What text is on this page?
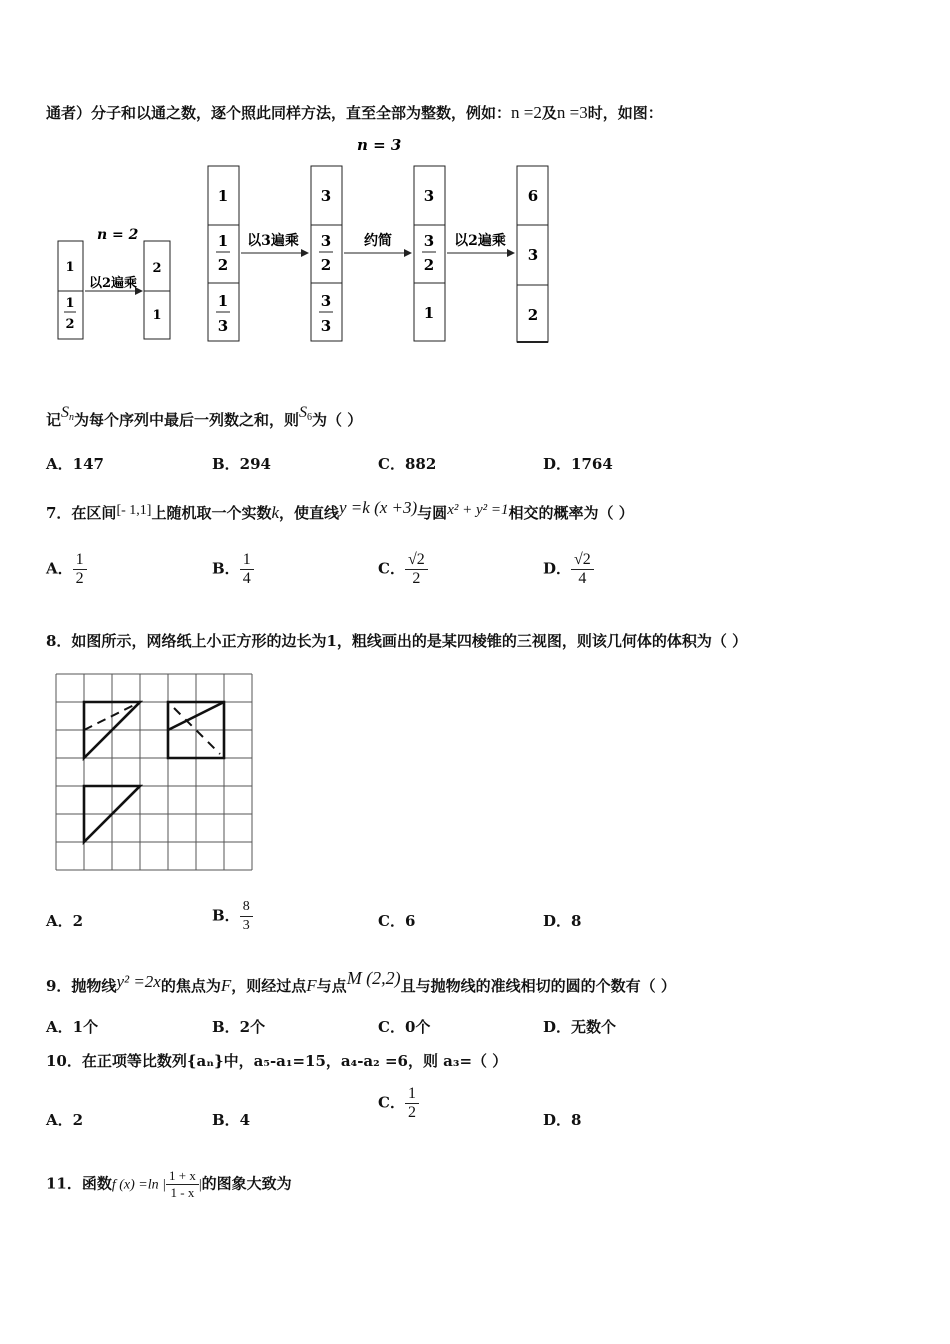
通者）分子和以通之数，逐个照此同样方法，直至全部为整数，例如：n =2及n =3时，如图：
n = 2
n = 3
1
1
2
以2遍乘
2
1
1
1
2
1
3
以3遍乘
3
3
2
3
3
约简
3
3
2
1
以2遍乘
6
3
2
记$S_n$为每个序列中最后一列数之和，则$S_6$为（ ）
A．147	B．294	C．882	D．1764
7．在区间[- 1,1]上随机取一个实数k，使直线y =k (x +3)与圆x² + y² =1相交的概率为（ ）
A． $\frac{1}{2}$	B． $\frac{1}{4}$	C． $\frac{√2}{2}$	D． $\frac{√2}{4}$
8．如图所示，网络纸上小正方形的边长为1，粗线画出的是某四棱锥的三视图，则该几何体的体积为（ ）
A．2	B． $\frac{8}{3}$	C．6	D．8
9．抛物线y² =2x的焦点为F，则经过点F与点M (2,2)且与抛物线的准线相切的圆的个数有（ ）
A．1个	B．2个	C．0个	D．无数个
10．在正项等比数列{aₙ}中，a₅-a₁=15，a₄-a₂ =6，则 a₃=（ ）
A．2	B．4
C． $\frac{1}{2}$	D．8
11．函数f (x) =ln | $\frac{1 + x}{1 - x}$ |的图象大致为
